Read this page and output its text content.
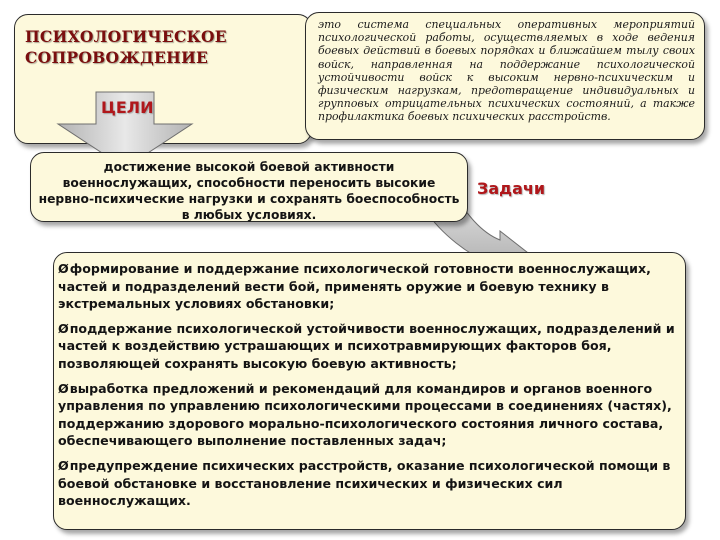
ПСИХОЛОГИЧЕСКОЕ
СОПРОВОЖДЕНИЕ
ЦЕЛИ

это система специальных оперативных мероприятий психологической работы, осуществляемых в ходе ведения боевых действий в боевых порядках и ближайшем тылу своих войск, направленная на поддержание психологической устойчивости войск к высоким нервно-психическим и физическим нагрузкам, предотвращение индивидуальных и групповых отрицательных психических состояний, а также профилактика боевых психических расстройств.

достижение высокой боевой активности военнослужащих, способности переносить высокие нервно-психические нагрузки и сохранять боеспособность в любых условиях.

Задачи
Øформирование и поддержание психологической готовности военнослужащих, частей и подразделений вести бой, применять оружие и боевую технику в экстремальных условиях обстановки;
Øподдержание психологической устойчивости военнослужащих, подразделений и частей к воздействию устрашающих и психотравмирующих факторов боя, позволяющей сохранять высокую боевую активность;
Øвыработка предложений и рекомендаций для командиров и органов военного управления по управлению психологическими процессами в соединениях (частях), поддержанию здорового морально-психологического состояния личного состава, обеспечивающего выполнение поставленных задач;
Øпредупреждение психических расстройств, оказание психологической помощи в боевой обстановке и восстановление психических и физических сил военнослужащих.
